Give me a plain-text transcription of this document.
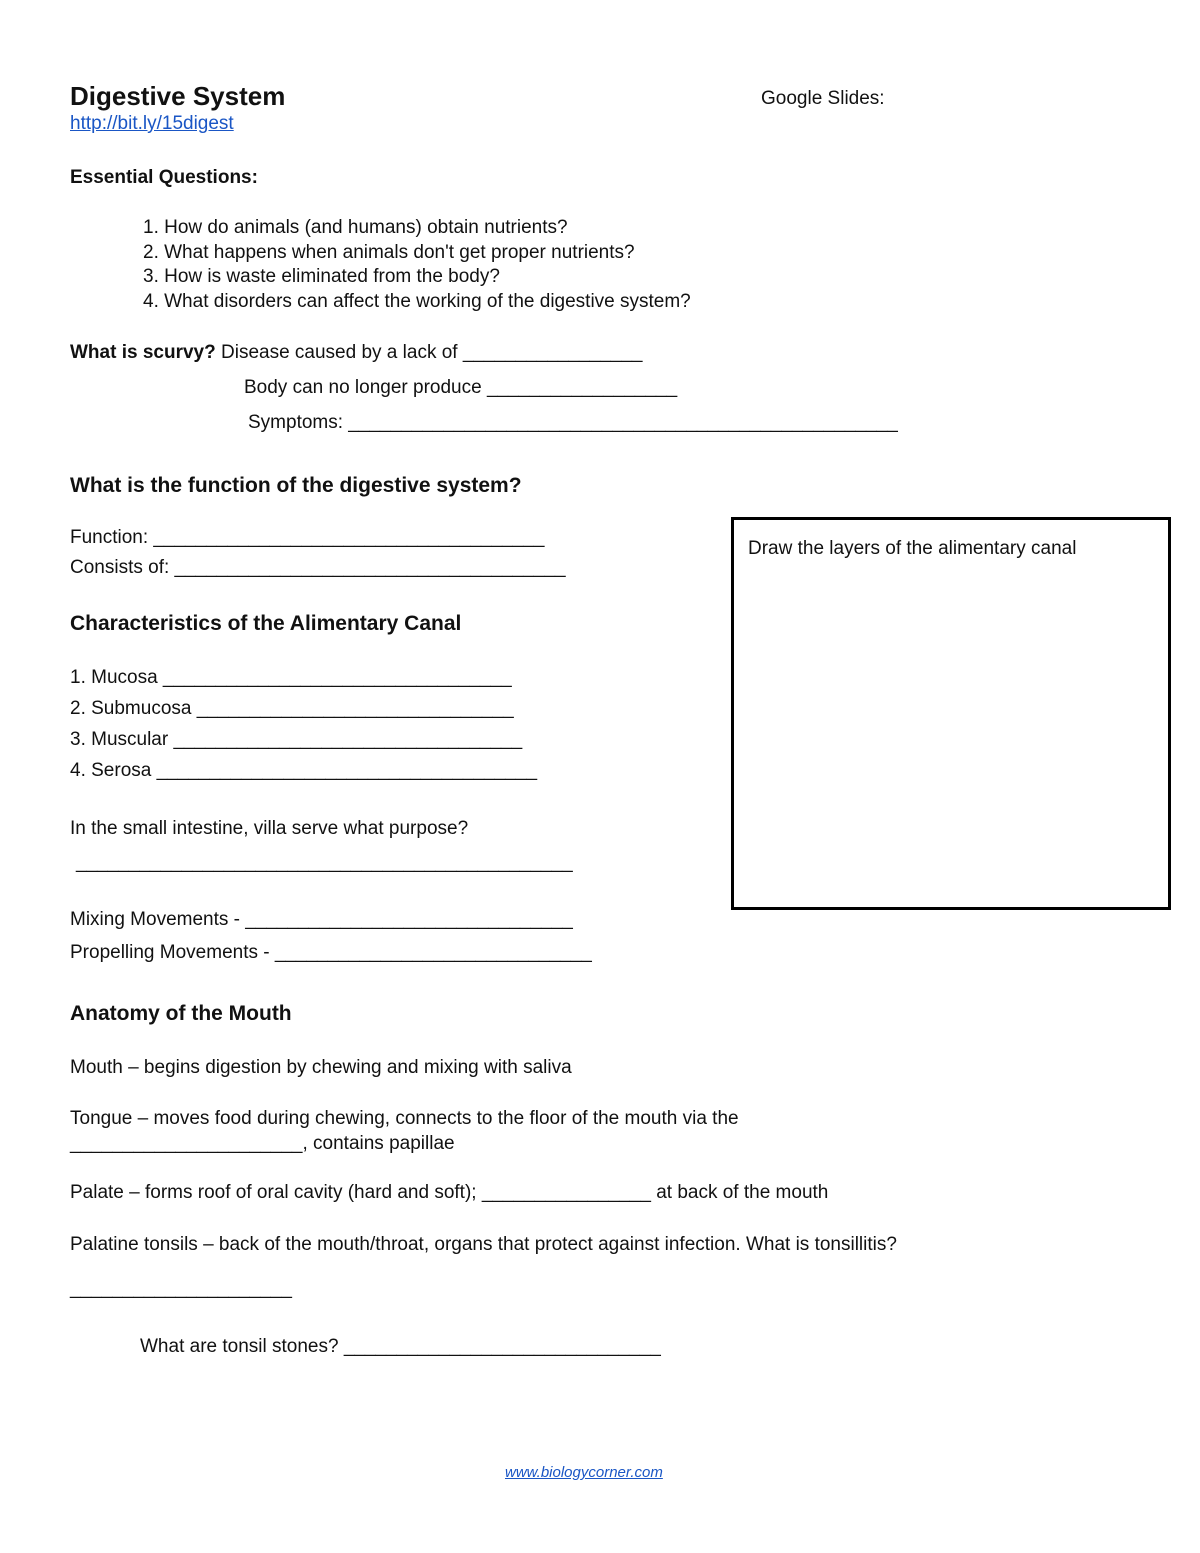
Digestive System	Google Slides:
http://bit.ly/15digest
Essential Questions:
1. How do animals (and humans) obtain nutrients?
2. What happens when animals don't get proper nutrients?
3. How is waste eliminated from the body?
4. What disorders can affect the working of the digestive system?
What is scurvy? Disease caused by a lack of _________________
Body can no longer produce __________________
Symptoms: ____________________________________________________
What is the function of the digestive system?
Function: _____________________________________
Consists of: _____________________________________
Draw the layers of the alimentary canal
Characteristics of the Alimentary Canal
1. Mucosa _________________________________
2. Submucosa ______________________________
3. Muscular _________________________________
4. Serosa ____________________________________
In the small intestine, villa serve what purpose?
_______________________________________________
Mixing Movements - _______________________________
Propelling Movements - ______________________________
Anatomy of the Mouth
Mouth – begins digestion by chewing and mixing with saliva
Tongue – moves food during chewing, connects to the floor of the mouth via the
______________________, contains papillae
Palate – forms roof of oral cavity (hard and soft); ________________ at back of the mouth
Palatine tonsils – back of the mouth/throat, organs that protect against infection. What is tonsillitis?
_____________________
What are tonsil stones? ______________________________
www.biologycorner.com
